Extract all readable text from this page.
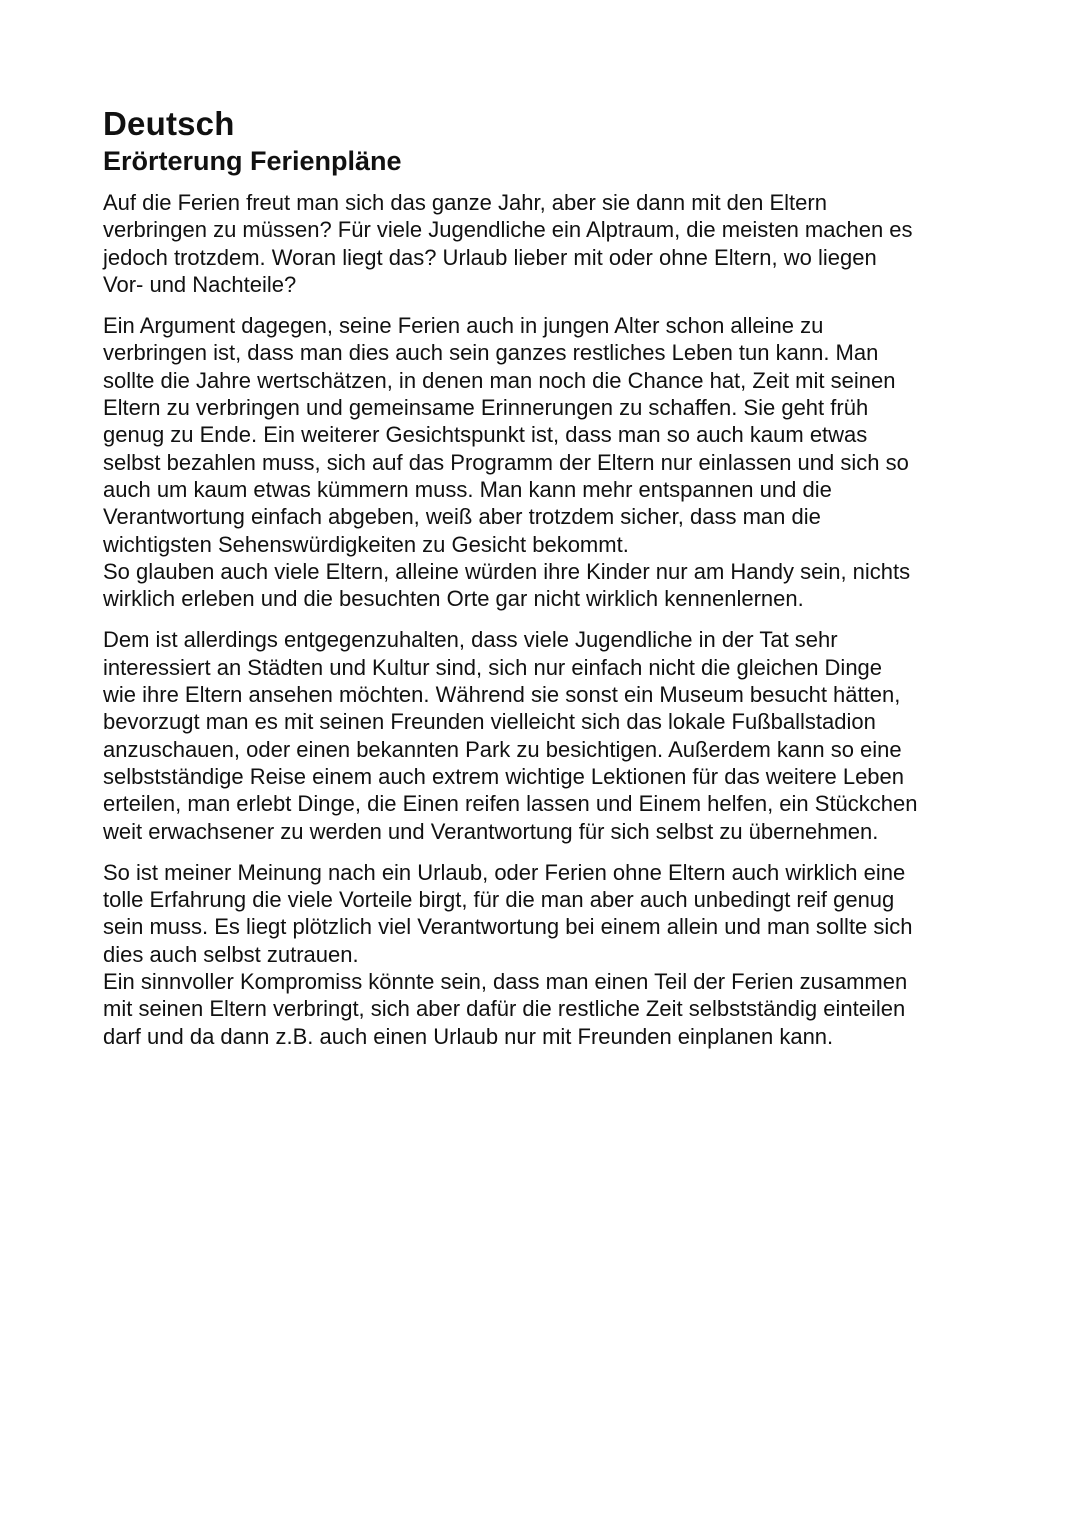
Deutsch
Erörterung Ferienpläne

Auf die Ferien freut man sich das ganze Jahr, aber sie dann mit den Eltern
verbringen zu müssen? Für viele Jugendliche ein Alptraum, die meisten machen es
jedoch trotzdem. Woran liegt das? Urlaub lieber mit oder ohne Eltern, wo liegen
Vor- und Nachteile?

Ein Argument dagegen, seine Ferien auch in jungen Alter schon alleine zu
verbringen ist, dass man dies auch sein ganzes restliches Leben tun kann. Man
sollte die Jahre wertschätzen, in denen man noch die Chance hat, Zeit mit seinen
Eltern zu verbringen und gemeinsame Erinnerungen zu schaffen. Sie geht früh
genug zu Ende. Ein weiterer Gesichtspunkt ist, dass man so auch kaum etwas
selbst bezahlen muss, sich auf das Programm der Eltern nur einlassen und sich so
auch um kaum etwas kümmern muss. Man kann mehr entspannen und die
Verantwortung einfach abgeben, weiß aber trotzdem sicher, dass man die
wichtigsten Sehenswürdigkeiten zu Gesicht bekommt.
So glauben auch viele Eltern, alleine würden ihre Kinder nur am Handy sein, nichts
wirklich erleben und die besuchten Orte gar nicht wirklich kennenlernen.

Dem ist allerdings entgegenzuhalten, dass viele Jugendliche in der Tat sehr
interessiert an Städten und Kultur sind, sich nur einfach nicht die gleichen Dinge
wie ihre Eltern ansehen möchten. Während sie sonst ein Museum besucht hätten,
bevorzugt man es mit seinen Freunden vielleicht sich das lokale Fußballstadion
anzuschauen, oder einen bekannten Park zu besichtigen. Außerdem kann so eine
selbstständige Reise einem auch extrem wichtige Lektionen für das weitere Leben
erteilen, man erlebt Dinge, die Einen reifen lassen und Einem helfen, ein Stückchen
weit erwachsener zu werden und Verantwortung für sich selbst zu übernehmen.

So ist meiner Meinung nach ein Urlaub, oder Ferien ohne Eltern auch wirklich eine
tolle Erfahrung die viele Vorteile birgt, für die man aber auch unbedingt reif genug
sein muss. Es liegt plötzlich viel Verantwortung bei einem allein und man sollte sich
dies auch selbst zutrauen.
Ein sinnvoller Kompromiss könnte sein, dass man einen Teil der Ferien zusammen
mit seinen Eltern verbringt, sich aber dafür die restliche Zeit selbstständig einteilen
darf und da dann z.B. auch einen Urlaub nur mit Freunden einplanen kann.
